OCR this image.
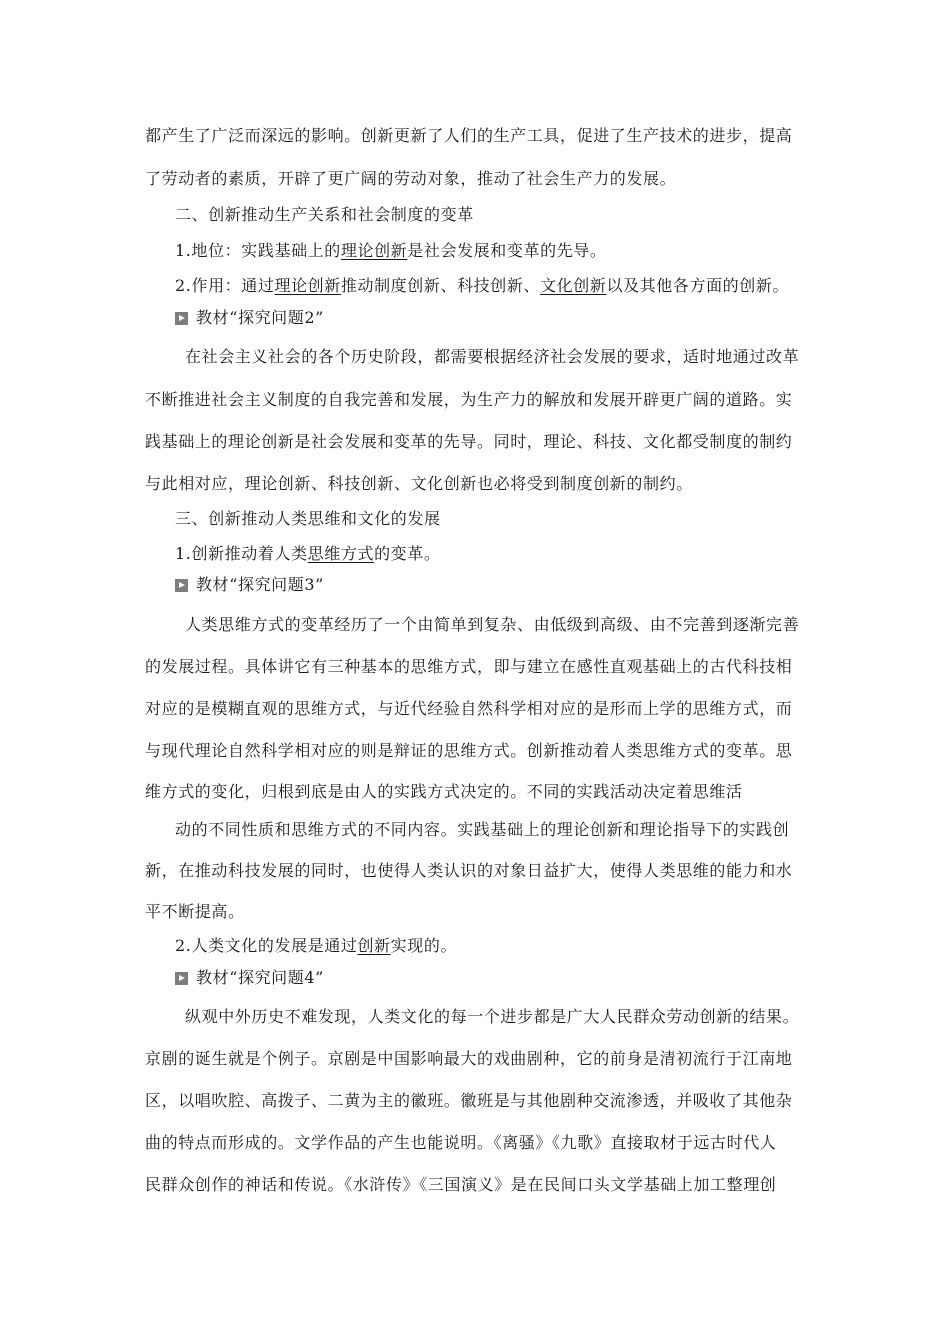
都产生了广泛而深远的影响。创新更新了人们的生产工具，促进了生产技术的进步，提高
了劳动者的素质，开辟了更广阔的劳动对象，推动了社会生产力的发展。
二、创新推动生产关系和社会制度的变革
1.地位：实践基础上的理论创新是社会发展和变革的先导。
2.作用：通过理论创新推动制度创新、科技创新、文化创新以及其他各方面的创新。
教材“探究问题2”
在社会主义社会的各个历史阶段，都需要根据经济社会发展的要求，适时地通过改革
不断推进社会主义制度的自我完善和发展，为生产力的解放和发展开辟更广阔的道路。实
践基础上的理论创新是社会发展和变革的先导。同时，理论、科技、文化都受制度的制约
与此相对应，理论创新、科技创新、文化创新也必将受到制度创新的制约。
三、创新推动人类思维和文化的发展
1.创新推动着人类思维方式的变革。
教材“探究问题3”
人类思维方式的变革经历了一个由简单到复杂、由低级到高级、由不完善到逐渐完善
的发展过程。具体讲它有三种基本的思维方式，即与建立在感性直观基础上的古代科技相
对应的是模糊直观的思维方式，与近代经验自然科学相对应的是形而上学的思维方式，而
与现代理论自然科学相对应的则是辩证的思维方式。创新推动着人类思维方式的变革。思
维方式的变化，归根到底是由人的实践方式决定的。不同的实践活动决定着思维活
动的不同性质和思维方式的不同内容。实践基础上的理论创新和理论指导下的实践创
新，在推动科技发展的同时，也使得人类认识的对象日益扩大，使得人类思维的能力和水
平不断提高。
2.人类文化的发展是通过创新实现的。
教材“探究问题4”
纵观中外历史不难发现，人类文化的每一个进步都是广大人民群众劳动创新的结果。
京剧的诞生就是个例子。京剧是中国影响最大的戏曲剧种，它的前身是清初流行于江南地
区，以唱吹腔、高拨子、二黄为主的徽班。徽班是与其他剧种交流渗透，并吸收了其他杂
曲的特点而形成的。文学作品的产生也能说明。《离骚》《九歌》直接取材于远古时代人
民群众创作的神话和传说。《水浒传》《三国演义》是在民间口头文学基础上加工整理创
